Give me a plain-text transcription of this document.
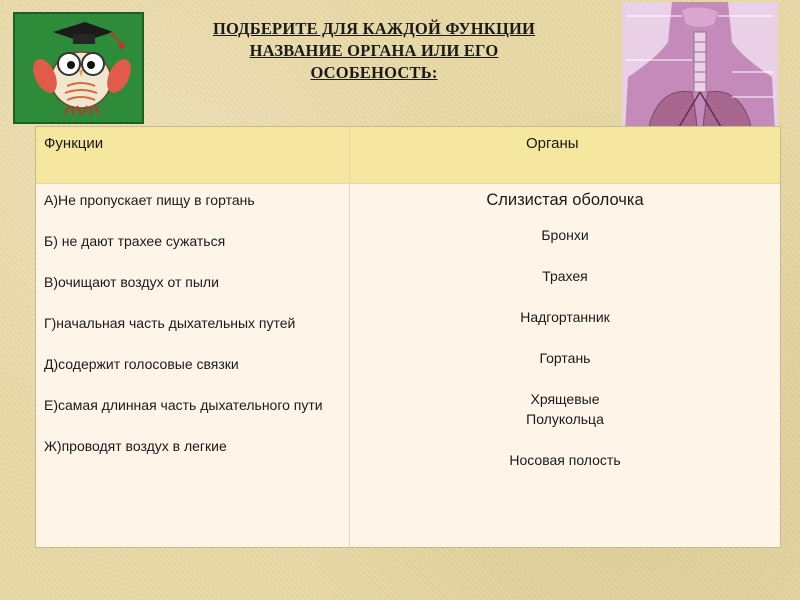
ПОДБЕРИТЕ ДЛЯ КАЖДОЙ ФУНКЦИИ НАЗВАНИЕ ОРГАНА ИЛИ ЕГО ОСОБЕНОСТЬ:
Функции	Органы
А)Не пропускает пищу в гортань
Б) не дают трахее сужаться
В)очищают воздух от пыли
Г)начальная часть дыхательных путей
Д)содержит голосовые связки
Е)самая длинная часть дыхательного пути
Ж)проводят воздух в легкие
Слизистая оболочка
Бронхи
Трахея
Надгортанник
Гортань
Хрящевые Полукольца
Носовая полость
